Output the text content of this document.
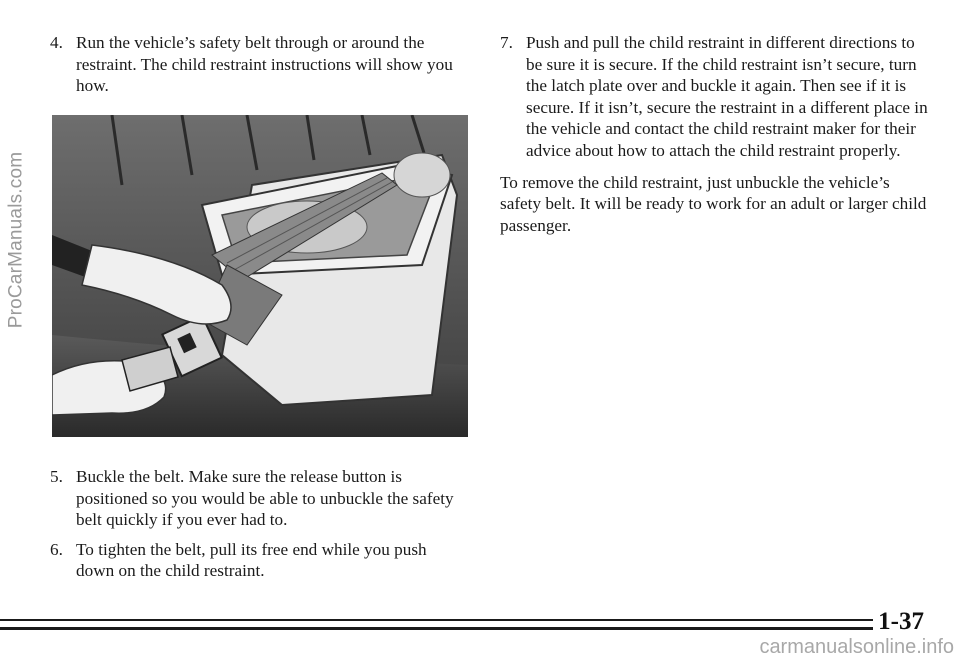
ProCarManuals.com

4. Run the vehicle’s safety belt through or around the restraint. The child restraint instructions will show you how.

5. Buckle the belt. Make sure the release button is positioned so you would be able to unbuckle the safety belt quickly if you ever had to.

6. To tighten the belt, pull its free end while you push down on the child restraint.

7. Push and pull the child restraint in different directions to be sure it is secure. If the child restraint isn’t secure, turn the latch plate over and buckle it again. Then see if it is secure. If it isn’t, secure the restraint in a different place in the vehicle and contact the child restraint maker for their advice about how to attach the child restraint properly.

To remove the child restraint, just unbuckle the vehicle’s safety belt. It will be ready to work for an adult or larger child passenger.

1-37
carmanualsonline.info
